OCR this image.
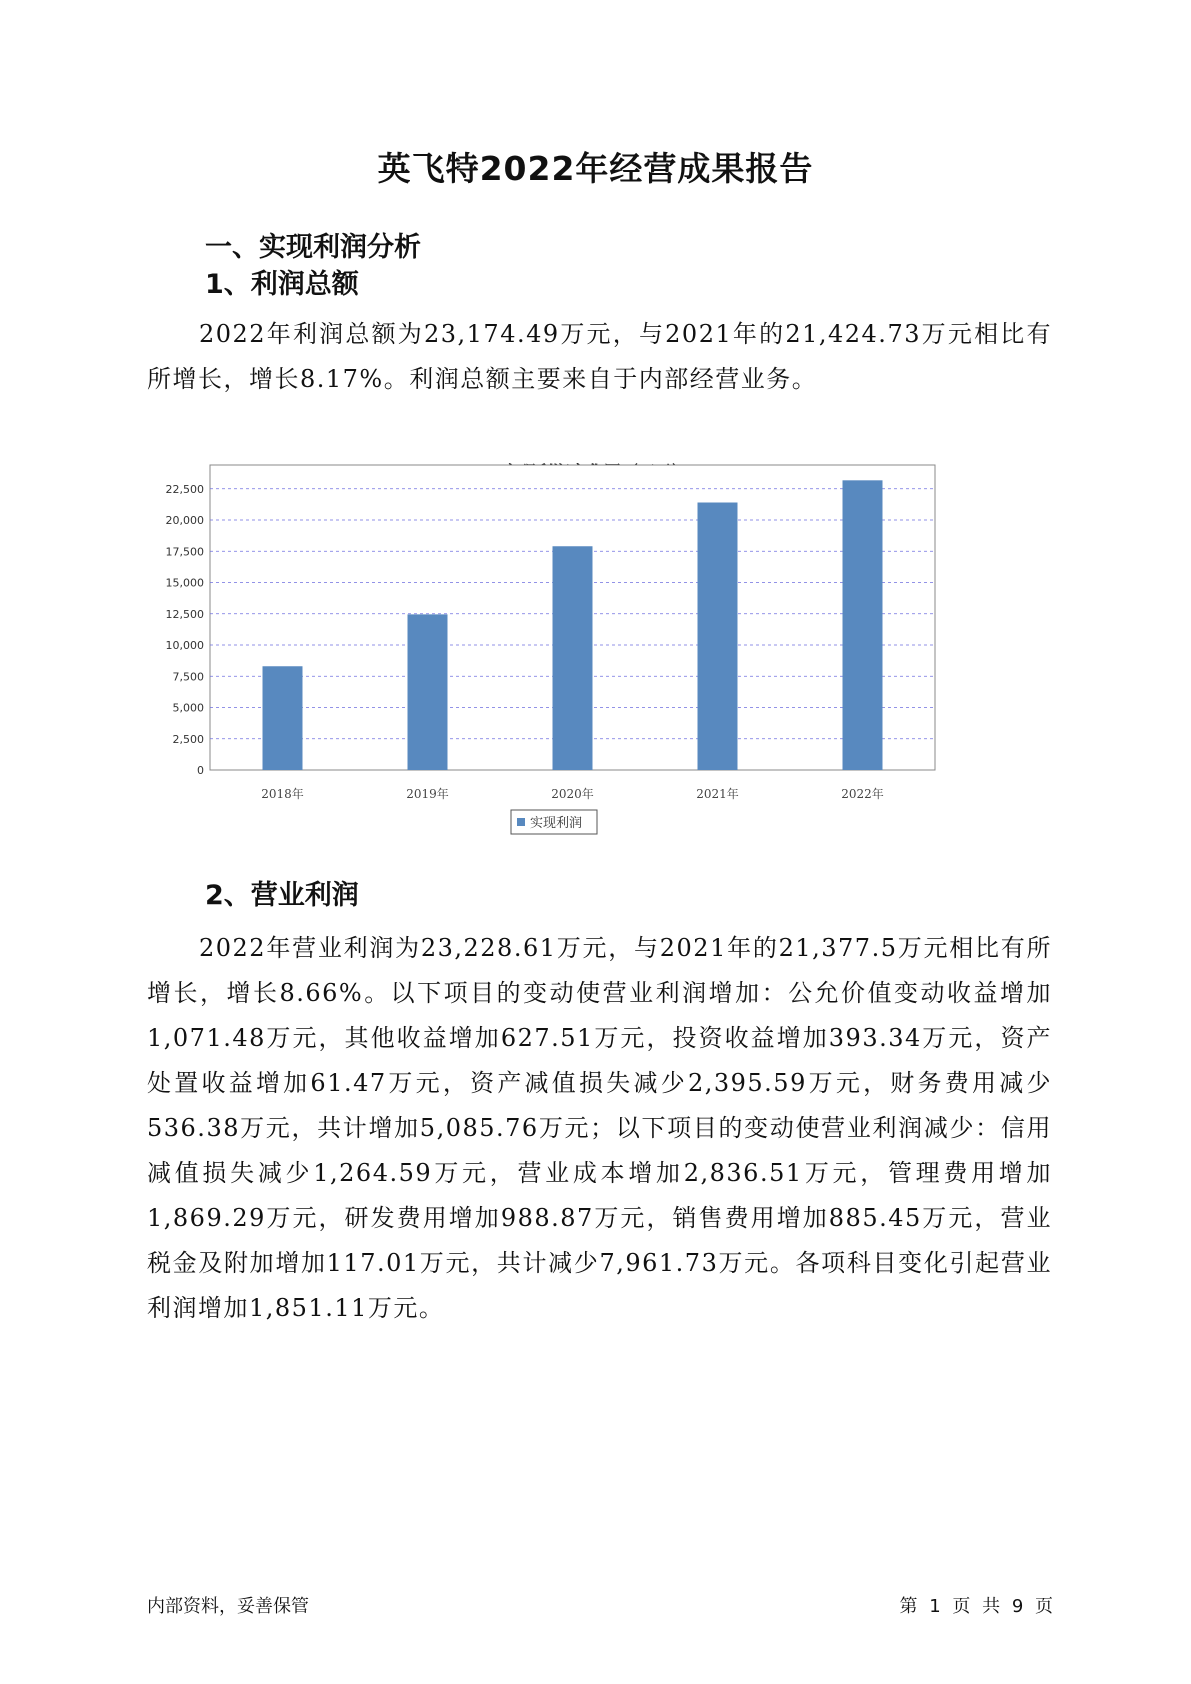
英飞特2022年经营成果报告
一、实现利润分析
1、利润总额
2022年利润总额为23,174.49万元，与2021年的21,424.73万元相比有所增长，增长8.17%。利润总额主要来自于内部经营业务。
0
2,500
5,000
7,500
10,000
12,500
15,000
17,500
20,000
22,500
2018年	2019年	2020年	2021年	2022年
实现利润
2、营业利润
2022年营业利润为23,228.61万元，与2021年的21,377.5万元相比有所增长，增长8.66%。以下项目的变动使营业利润增加：公允价值变动收益增加1,071.48万元，其他收益增加627.51万元，投资收益增加393.34万元，资产处置收益增加61.47万元，资产减值损失减少2,395.59万元，财务费用减少536.38万元，共计增加5,085.76万元；以下项目的变动使营业利润减少：信用减值损失减少1,264.59万元，营业成本增加2,836.51万元，管理费用增加1,869.29万元，研发费用增加988.87万元，销售费用增加885.45万元，营业税金及附加增加117.01万元，共计减少7,961.73万元。各项科目变化引起营业利润增加1,851.11万元。
内部资料，妥善保管	第 1 页 共 9 页
